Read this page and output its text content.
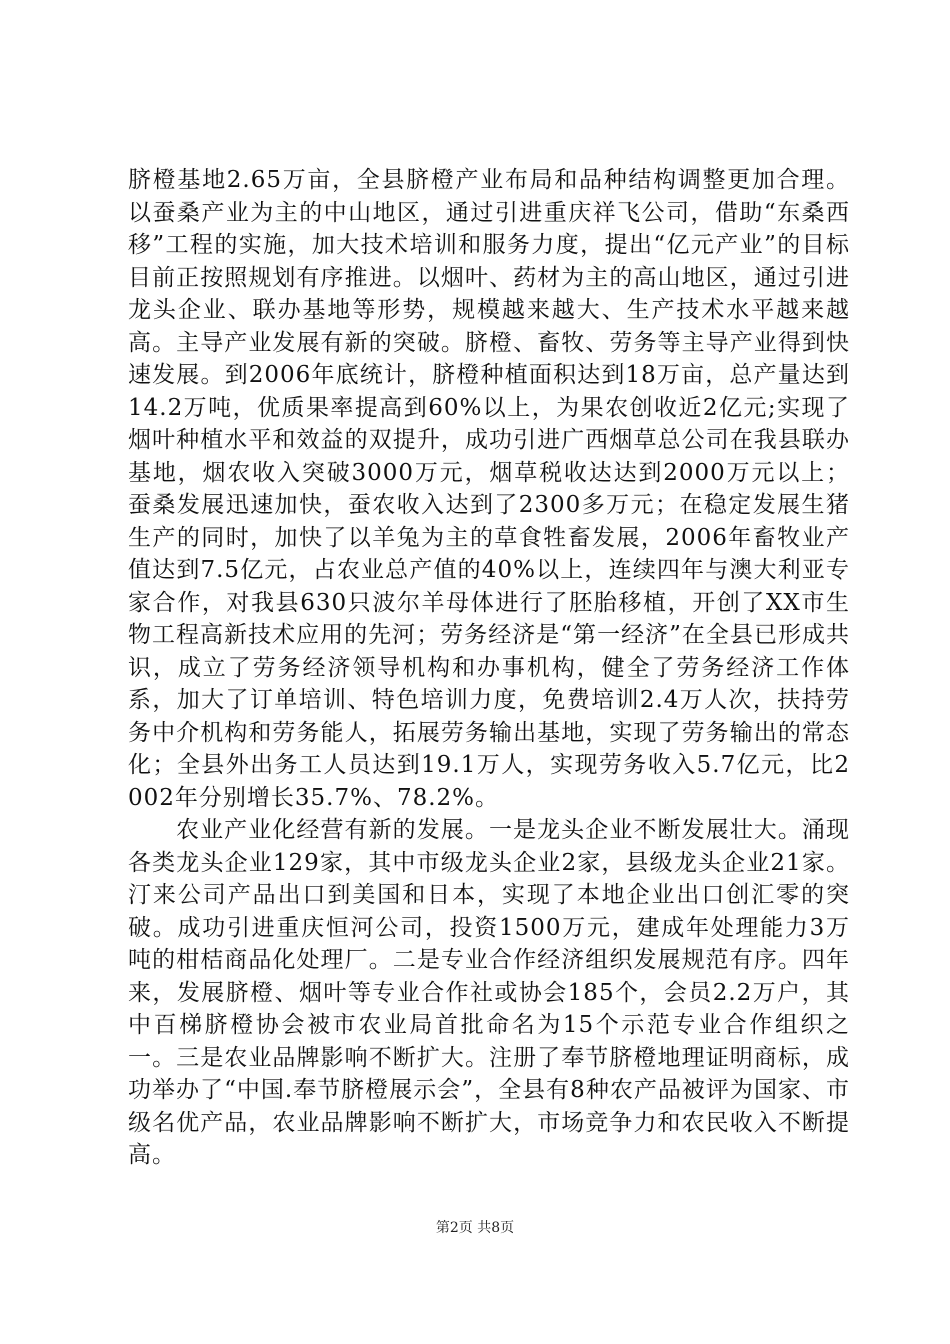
脐橙基地2.65万亩，全县脐橙产业布局和品种结构调整更加合理。以蚕桑产业为主的中山地区，通过引进重庆祥飞公司，借助“东桑西移”工程的实施，加大技术培训和服务力度，提出“亿元产业”的目标目前正按照规划有序推进。以烟叶、药材为主的高山地区，通过引进龙头企业、联办基地等形势，规模越来越大、生产技术水平越来越高。主导产业发展有新的突破。脐橙、畜牧、劳务等主导产业得到快速发展。到2006年底统计，脐橙种植面积达到18万亩，总产量达到14.2万吨，优质果率提高到60%以上，为果农创收近2亿元;实现了烟叶种植水平和效益的双提升，成功引进广西烟草总公司在我县联办基地，烟农收入突破3000万元，烟草税收达达到2000万元以上；蚕桑发展迅速加快，蚕农收入达到了2300多万元；在稳定发展生猪生产的同时，加快了以羊兔为主的草食牲畜发展，2006年畜牧业产值达到7.5亿元，占农业总产值的40%以上，连续四年与澳大利亚专家合作，对我县630只波尔羊母体进行了胚胎移植，开创了XX市生物工程高新技术应用的先河；劳务经济是“第一经济”在全县已形成共识，成立了劳务经济领导机构和办事机构，健全了劳务经济工作体系，加大了订单培训、特色培训力度，免费培训2.4万人次，扶持劳务中介机构和劳务能人，拓展劳务输出基地，实现了劳务输出的常态化；全县外出务工人员达到19.1万人，实现劳务收入5.7亿元，比2002年分别增长35.7%、78.2%。

农业产业化经营有新的发展。一是龙头企业不断发展壮大。涌现各类龙头企业129家，其中市级龙头企业2家，县级龙头企业21家。汀来公司产品出口到美国和日本，实现了本地企业出口创汇零的突破。成功引进重庆恒河公司，投资1500万元，建成年处理能力3万吨的柑桔商品化处理厂。二是专业合作经济组织发展规范有序。四年来，发展脐橙、烟叶等专业合作社或协会185个，会员2.2万户，其中百梯脐橙协会被市农业局首批命名为15个示范专业合作组织之一。三是农业品牌影响不断扩大。注册了奉节脐橙地理证明商标，成功举办了“中国.奉节脐橙展示会”，全县有8种农产品被评为国家、市级名优产品，农业品牌影响不断扩大，市场竞争力和农民收入不断提高。

第2页 共8页
